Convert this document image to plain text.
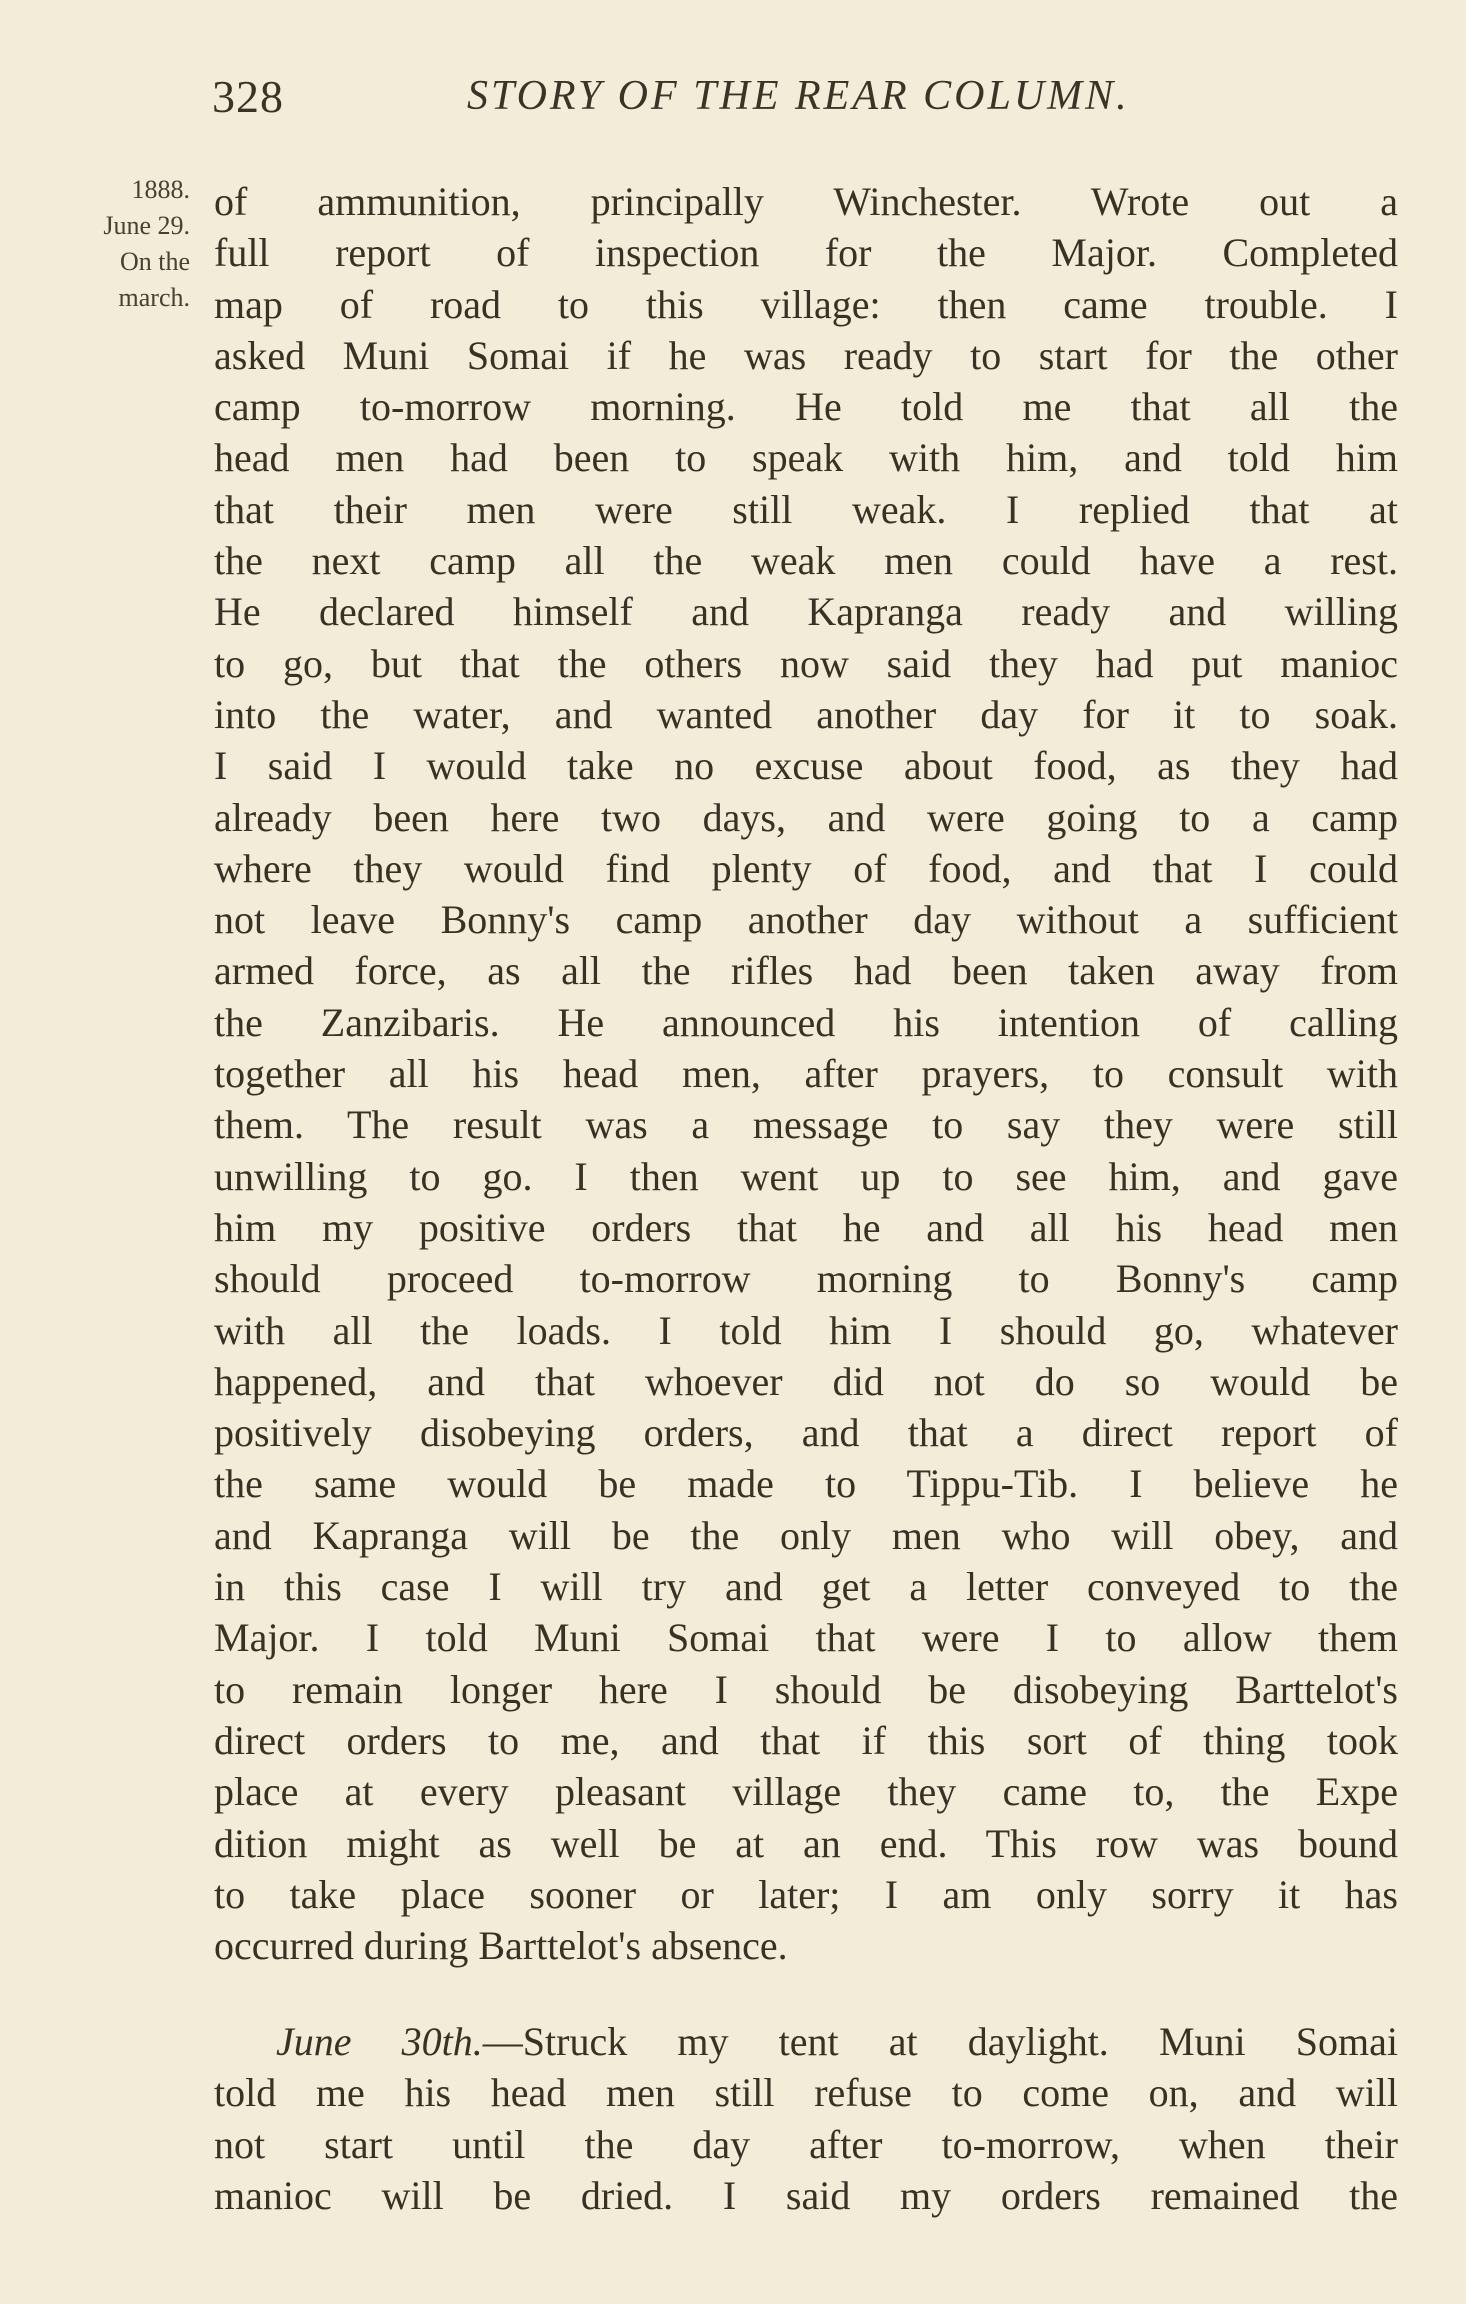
328	STORY OF THE REAR COLUMN.
1888.
June 29.
On the
march.
of ammunition, principally Winchester. Wrote out a
full report of inspection for the Major. Completed
map of road to this village: then came trouble. I
asked Muni Somai if he was ready to start for the other
camp to-morrow morning. He told me that all the
head men had been to speak with him, and told him
that their men were still weak. I replied that at
the next camp all the weak men could have a rest.
He declared himself and Kapranga ready and willing
to go, but that the others now said they had put manioc
into the water, and wanted another day for it to soak.
I said I would take no excuse about food, as they had
already been here two days, and were going to a camp
where they would find plenty of food, and that I could
not leave Bonny's camp another day without a sufficient
armed force, as all the rifles had been taken away from
the Zanzibaris. He announced his intention of calling
together all his head men, after prayers, to consult with
them. The result was a message to say they were still
unwilling to go. I then went up to see him, and gave
him my positive orders that he and all his head men
should proceed to-morrow morning to Bonny's camp
with all the loads. I told him I should go, whatever
happened, and that whoever did not do so would be
positively disobeying orders, and that a direct report of
the same would be made to Tippu-Tib. I believe he
and Kapranga will be the only men who will obey, and
in this case I will try and get a letter conveyed to the
Major. I told Muni Somai that were I to allow them
to remain longer here I should be disobeying Barttelot's
direct orders to me, and that if this sort of thing took
place at every pleasant village they came to, the Expe
dition might as well be at an end. This row was bound
to take place sooner or later; I am only sorry it has
occurred during Barttelot's absence.
June 30th.—Struck my tent at daylight. Muni Somai
told me his head men still refuse to come on, and will
not start until the day after to-morrow, when their
manioc will be dried. I said my orders remained the
